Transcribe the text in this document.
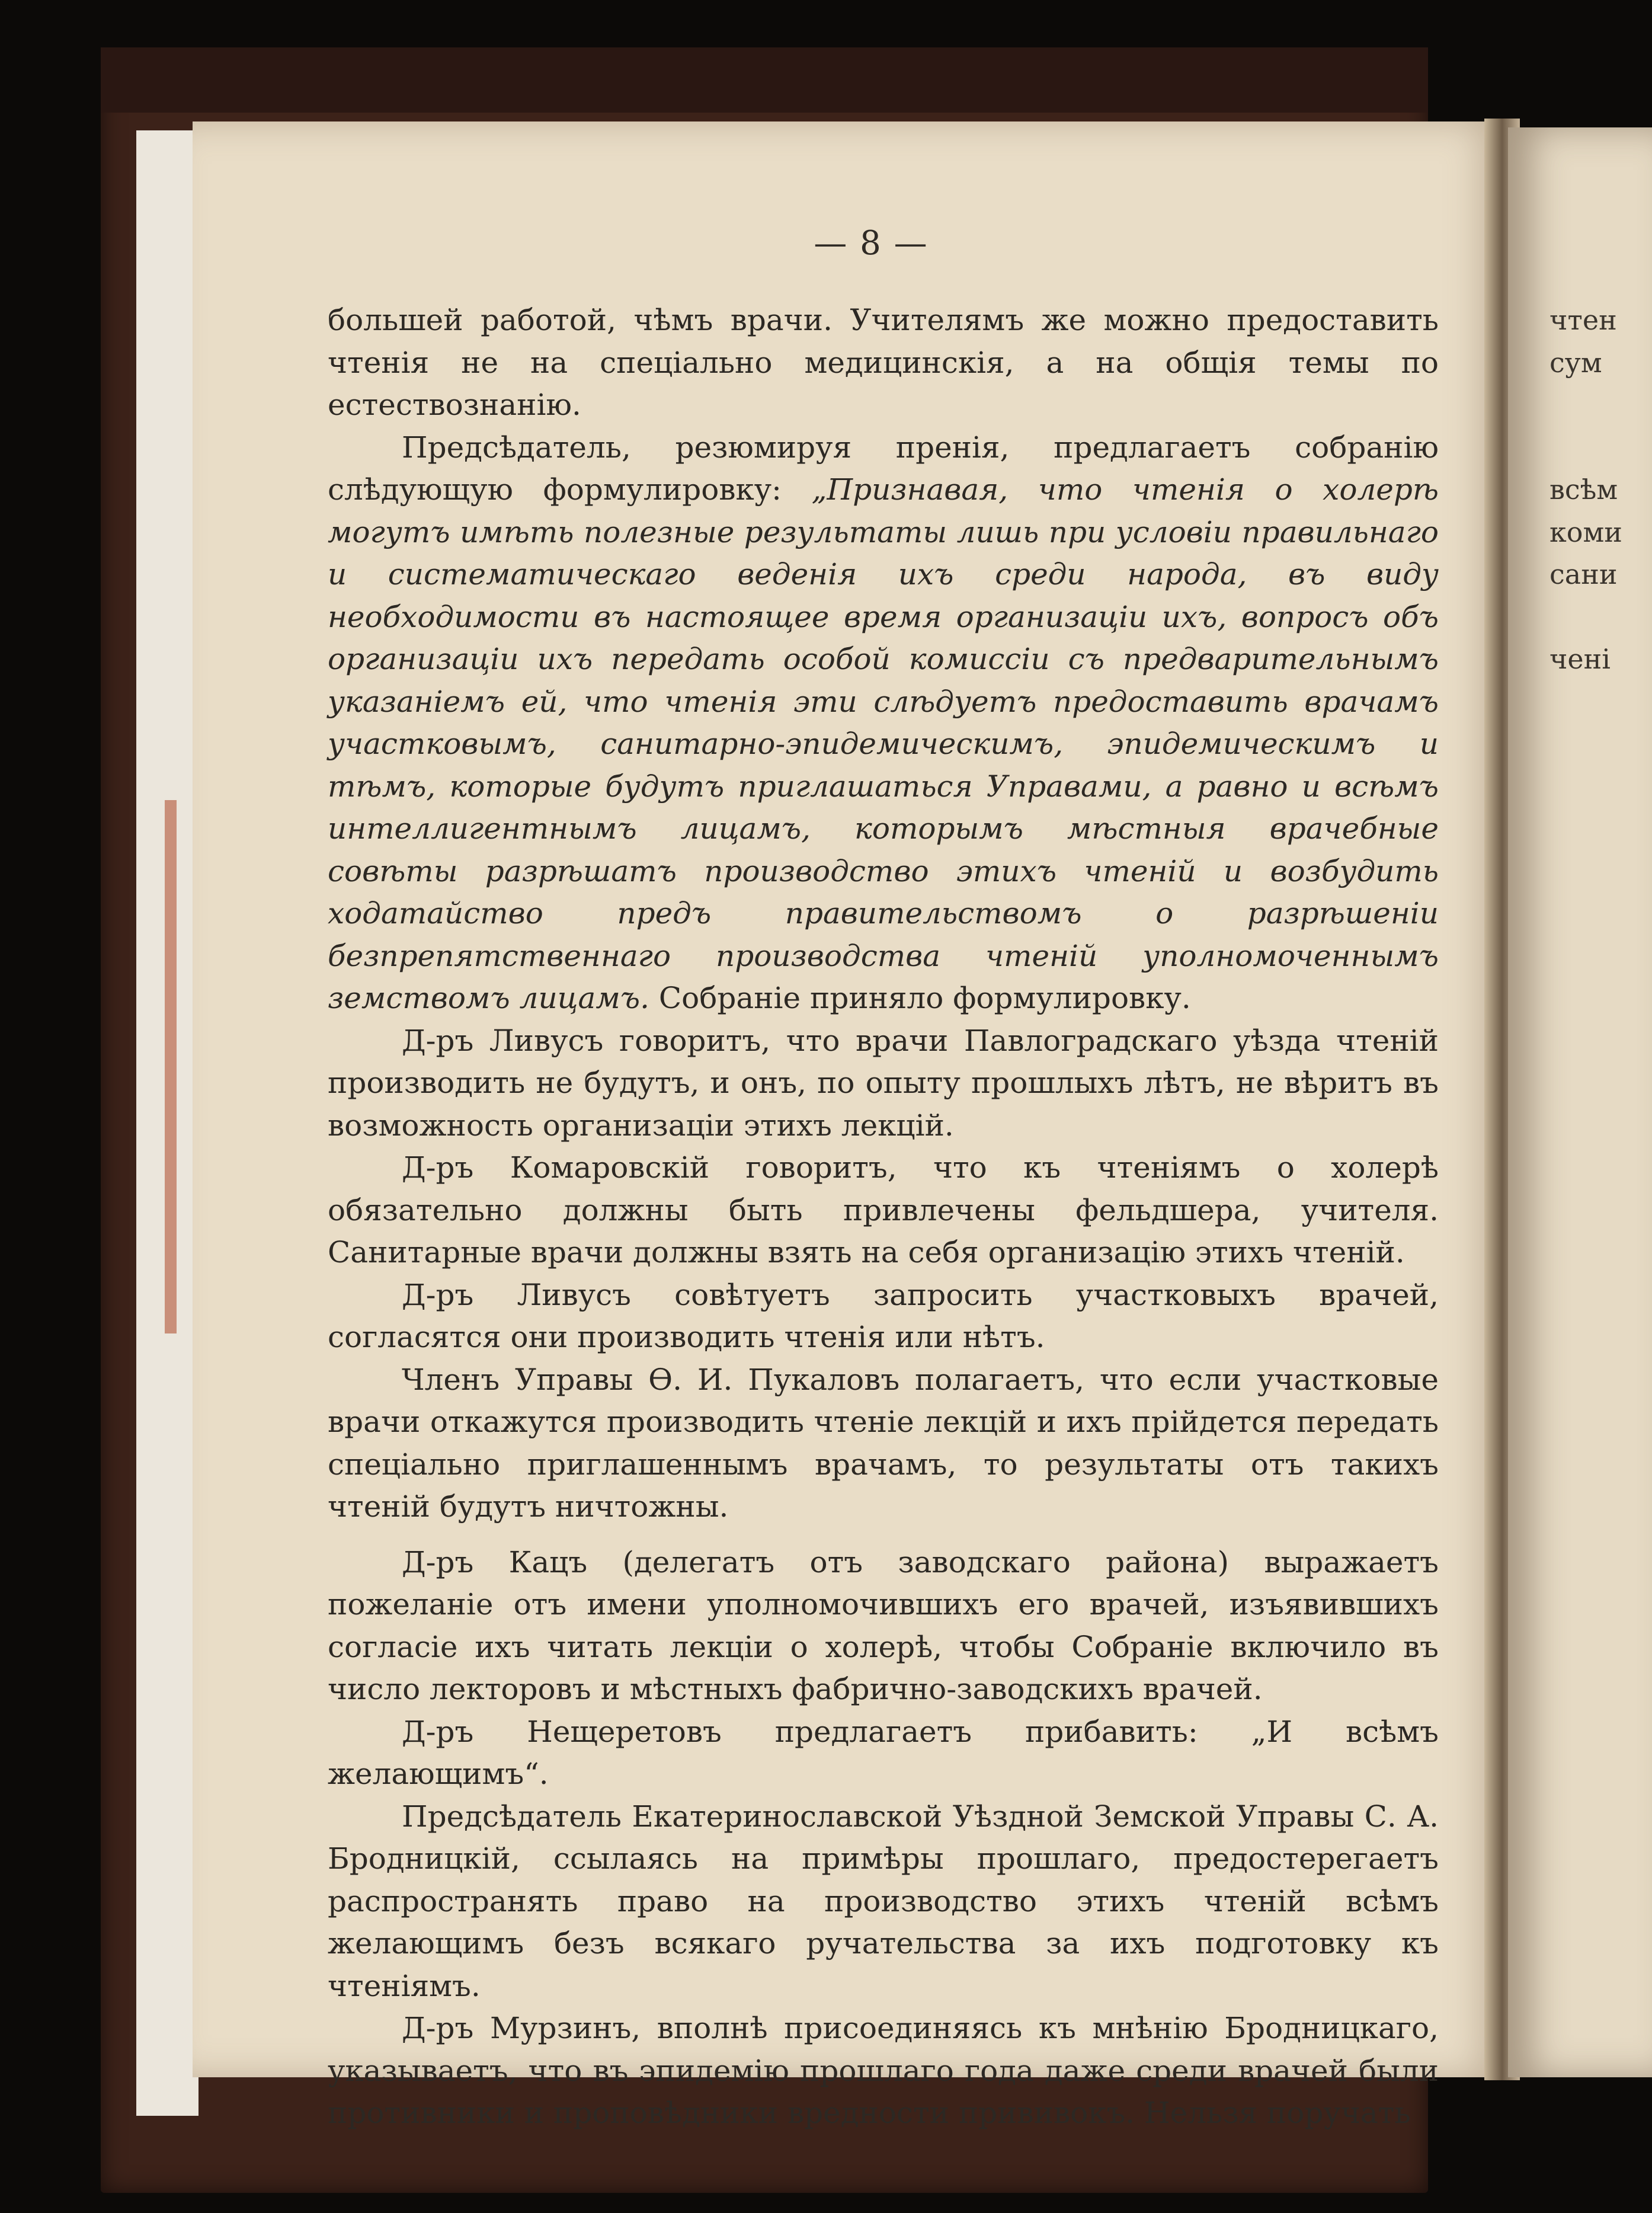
— 8 —

большей работой, чѣмъ врачи. Учителямъ же можно предоставить чтенія не на спеціально медицинскія, а на общія темы по естествознанію.

Предсѣдатель, резюмируя пренія, предлагаетъ собранію слѣдующую формулировку: „Признавая, что чтенія о холерѣ могутъ имѣть полезные результаты лишь при условіи правильнаго и систематическаго веденія ихъ среди народа, въ виду необходимости въ настоящее время организаціи ихъ, вопросъ объ организаціи ихъ передать особой комиссіи съ предварительнымъ указаніемъ ей, что чтенія эти слѣдуетъ предоставить врачамъ участковымъ, санитарно-эпидемическимъ, эпидемическимъ и тѣмъ, которые будутъ приглашаться Управами, а равно и всѣмъ интеллигентнымъ лицамъ, которымъ мѣстныя врачебные совѣты разрѣшатъ производство этихъ чтеній и возбудить ходатайство предъ правительствомъ о разрѣшеніи безпрепятственнаго производства чтеній уполномоченнымъ земствомъ лицамъ. Собраніе приняло формулировку.

Д-ръ Ливусъ говоритъ, что врачи Павлоградскаго уѣзда чтеній производить не будутъ, и онъ, по опыту прошлыхъ лѣтъ, не вѣритъ въ возможность организаціи этихъ лекцій.

Д-ръ Комаровскій говоритъ, что къ чтеніямъ о холерѣ обязательно должны быть привлечены фельдшера, учителя. Санитарные врачи должны взять на себя организацію этихъ чтеній.

Д-ръ Ливусъ совѣтуетъ запросить участковыхъ врачей, согласятся они производить чтенія или нѣтъ.

Членъ Управы Ѳ. И. Пукаловъ полагаетъ, что если участковые врачи откажутся производить чтеніе лекцій и ихъ прійдется передать спеціально приглашеннымъ врачамъ, то результаты отъ такихъ чтеній будутъ ничтожны.

Д-ръ Кацъ (делегатъ отъ заводскаго района) выражаетъ пожеланіе отъ имени уполномочившихъ его врачей, изъявившихъ согласіе ихъ читать лекціи о холерѣ, чтобы Собраніе включило въ число лекторовъ и мѣстныхъ фабрично-заводскихъ врачей.

Д-ръ Нещеретовъ предлагаетъ прибавить: „И всѣмъ желающимъ“.

Предсѣдатель Екатеринославской Уѣздной Земской Управы С. А. Бродницкій, ссылаясь на примѣры прошлаго, предостерегаетъ распространять право на производство этихъ чтеній всѣмъ желающимъ безъ всякаго ручательства за ихъ подготовку къ чтеніямъ.

Д-ръ Мурзинъ, вполнѣ присоединяясь къ мнѣнію Бродницкаго, указываетъ, что въ эпидемію прошлаго года даже среди врачей были противники и проповѣдники вредности прививокъ. Нельзя поручать

чтен
сум
всѣм
коми
сани
чені
